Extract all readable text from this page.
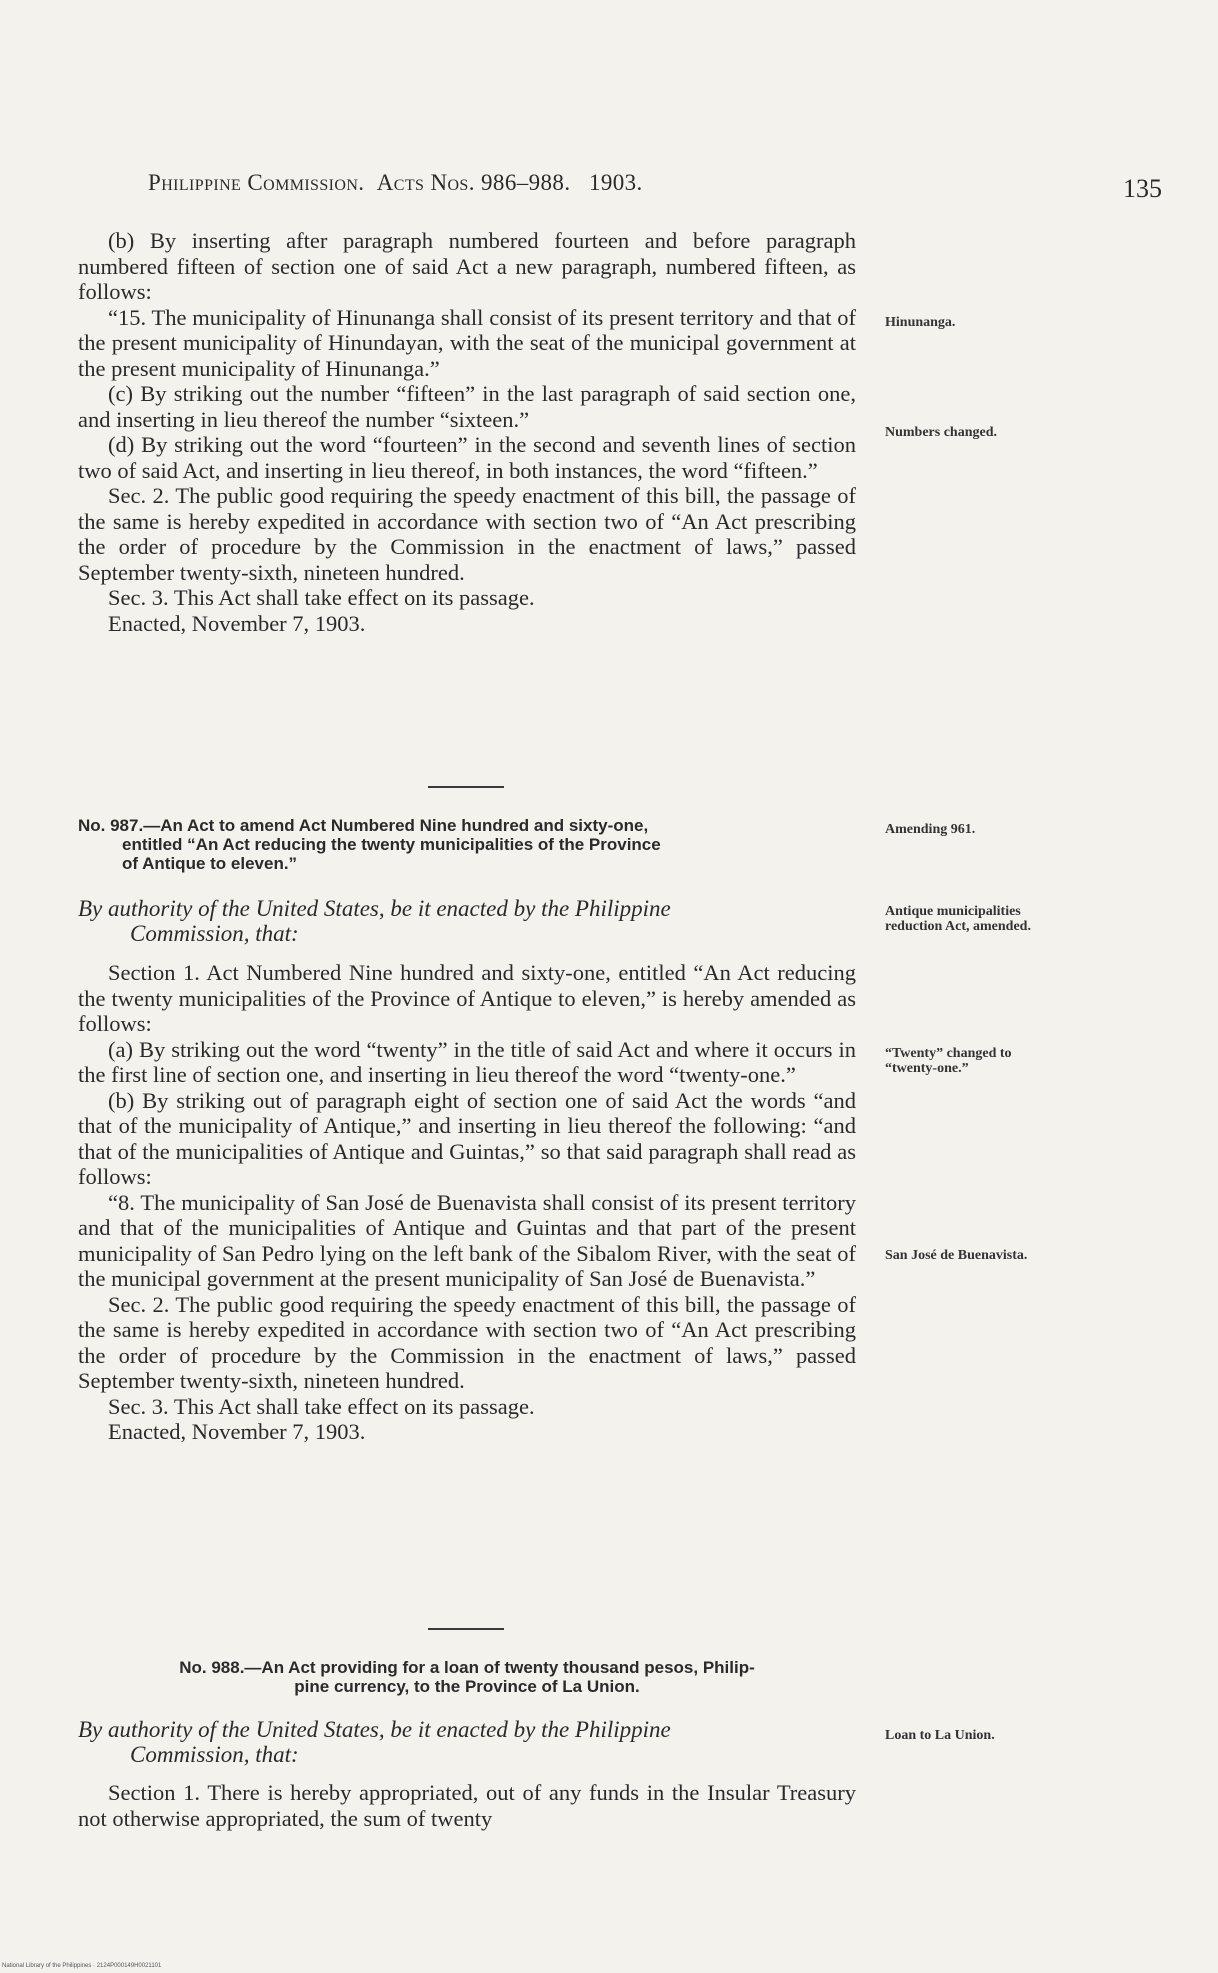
Philippine Commission. Acts Nos. 986–988. 1903.	135

(b) By inserting after paragraph numbered fourteen and before paragraph numbered fifteen of section one of said Act a new paragraph, numbered fifteen, as follows:

“15. The municipality of Hinunanga shall consist of its present territory and that of the present municipality of Hinundayan, with the seat of the municipal government at the present municipality of Hinunanga.”

(c) By striking out the number “fifteen” in the last paragraph of said section one, and inserting in lieu thereof the number “sixteen.”

(d) By striking out the word “fourteen” in the second and seventh lines of section two of said Act, and inserting in lieu thereof, in both instances, the word “fifteen.”

Sec. 2. The public good requiring the speedy enactment of this bill, the passage of the same is hereby expedited in accordance with section two of “An Act prescribing the order of procedure by the Commission in the enactment of laws,” passed September twenty-sixth, nineteen hundred.

Sec. 3. This Act shall take effect on its passage.

Enacted, November 7, 1903.

Hinunanga.
Numbers changed.
No. 987.—An Act to amend Act Numbered Nine hundred and sixty-one,
entitled “An Act reducing the twenty municipalities of the Province
of Antique to eleven.”
Amending 961.
By authority of the United States, be it enacted by the Philippine
Commission, that:
Antique municipalities reduction Act, amended.

Section 1. Act Numbered Nine hundred and sixty-one, entitled “An Act reducing the twenty municipalities of the Province of Antique to eleven,” is hereby amended as follows:

(a) By striking out the word “twenty” in the title of said Act and where it occurs in the first line of section one, and inserting in lieu thereof the word “twenty-one.”

(b) By striking out of paragraph eight of section one of said Act the words “and that of the municipality of Antique,” and inserting in lieu thereof the following: “and that of the municipalities of Antique and Guintas,” so that said paragraph shall read as follows:

“8. The municipality of San José de Buenavista shall consist of its present territory and that of the municipalities of Antique and Guintas and that part of the present municipality of San Pedro lying on the left bank of the Sibalom River, with the seat of the municipal government at the present municipality of San José de Buenavista.”

Sec. 2. The public good requiring the speedy enactment of this bill, the passage of the same is hereby expedited in accordance with section two of “An Act prescribing the order of procedure by the Commission in the enactment of laws,” passed September twenty-sixth, nineteen hundred.

Sec. 3. This Act shall take effect on its passage.

Enacted, November 7, 1903.

“Twenty” changed to “twenty-one.”
San José de Buenavista.
No. 988.—An Act providing for a loan of twenty thousand pesos, Philip-
pine currency, to the Province of La Union.
By authority of the United States, be it enacted by the Philippine
Commission, that:
Loan to La Union.

Section 1. There is hereby appropriated, out of any funds in the Insular Treasury not otherwise appropriated, the sum of twenty

National Library of the Philippines · 2124P000149H0021101
